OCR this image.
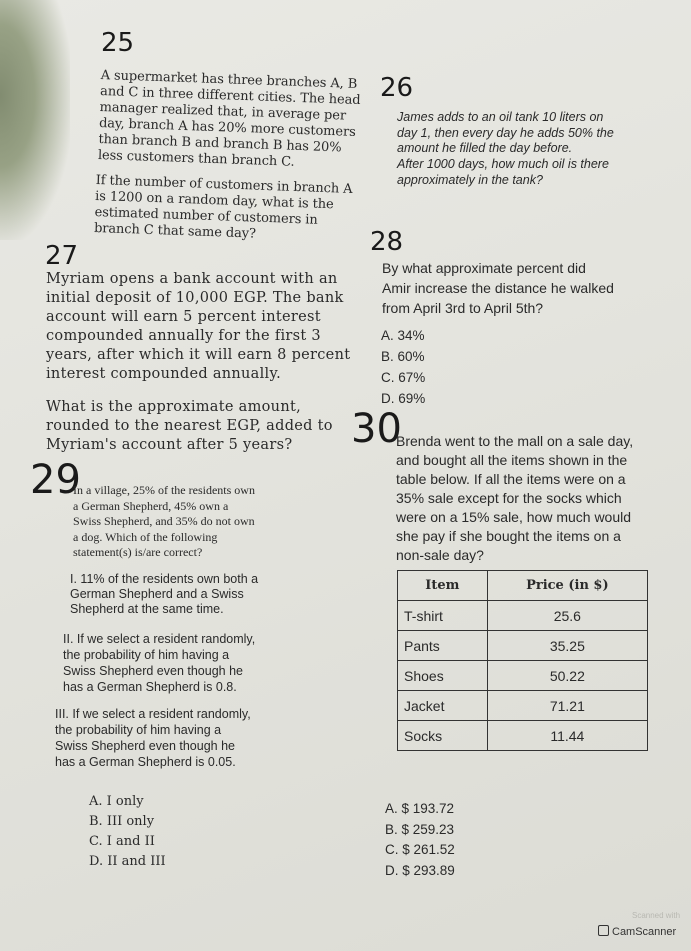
25
A supermarket has three branches A, B
and C in three different cities. The head
manager realized that, in average per
day, branch A has 20% more customers
than branch B and branch B has 20%
less customers than branch C.
If the number of customers in branch A
is 1200 on a random day, what is the
estimated number of customers in
branch C that same day?
26
James adds to an oil tank 10 liters on
day 1, then every day he adds 50% the
amount he filled the day before.
After 1000 days, how much oil is there
approximately in the tank?
27
Myriam opens a bank account with an
initial deposit of 10,000 EGP. The bank
account will earn 5 percent interest
compounded annually for the first 3
years, after which it will earn 8 percent
interest compounded annually.
What is the approximate amount,
rounded to the nearest EGP, added to
Myriam's account after 5 years?
28
By what approximate percent did
Amir increase the distance he walked
from April 3rd to April 5th?
A. 34%
B. 60%
C. 67%
D. 69%
30
Brenda went to the mall on a sale day,
and bought all the items shown in the
table below. If all the items were on a
35% sale except for the socks which
were on a 15% sale, how much would
she pay if she bought the items on a
non-sale day?
Item	Price (in $)
T-shirt	25.6
Pants	35.25
Shoes	50.22
Jacket	71.21
Socks	11.44
A. $ 193.72
B. $ 259.23
C. $ 261.52
D. $ 293.89
29
In a village, 25% of the residents own
a German Shepherd, 45% own a
Swiss Shepherd, and 35% do not own
a dog. Which of the following
statement(s) is/are correct?
I. 11% of the residents own both a
German Shepherd and a Swiss
Shepherd at the same time.
II. If we select a resident randomly,
the probability of him having a
Swiss Shepherd even though he
has a German Shepherd is 0.8.
III. If we select a resident randomly,
the probability of him having a
Swiss Shepherd even though he
has a German Shepherd is 0.05.
A. I only
B. III only
C. I and II
D. II and III
Scanned with
CamScanner
